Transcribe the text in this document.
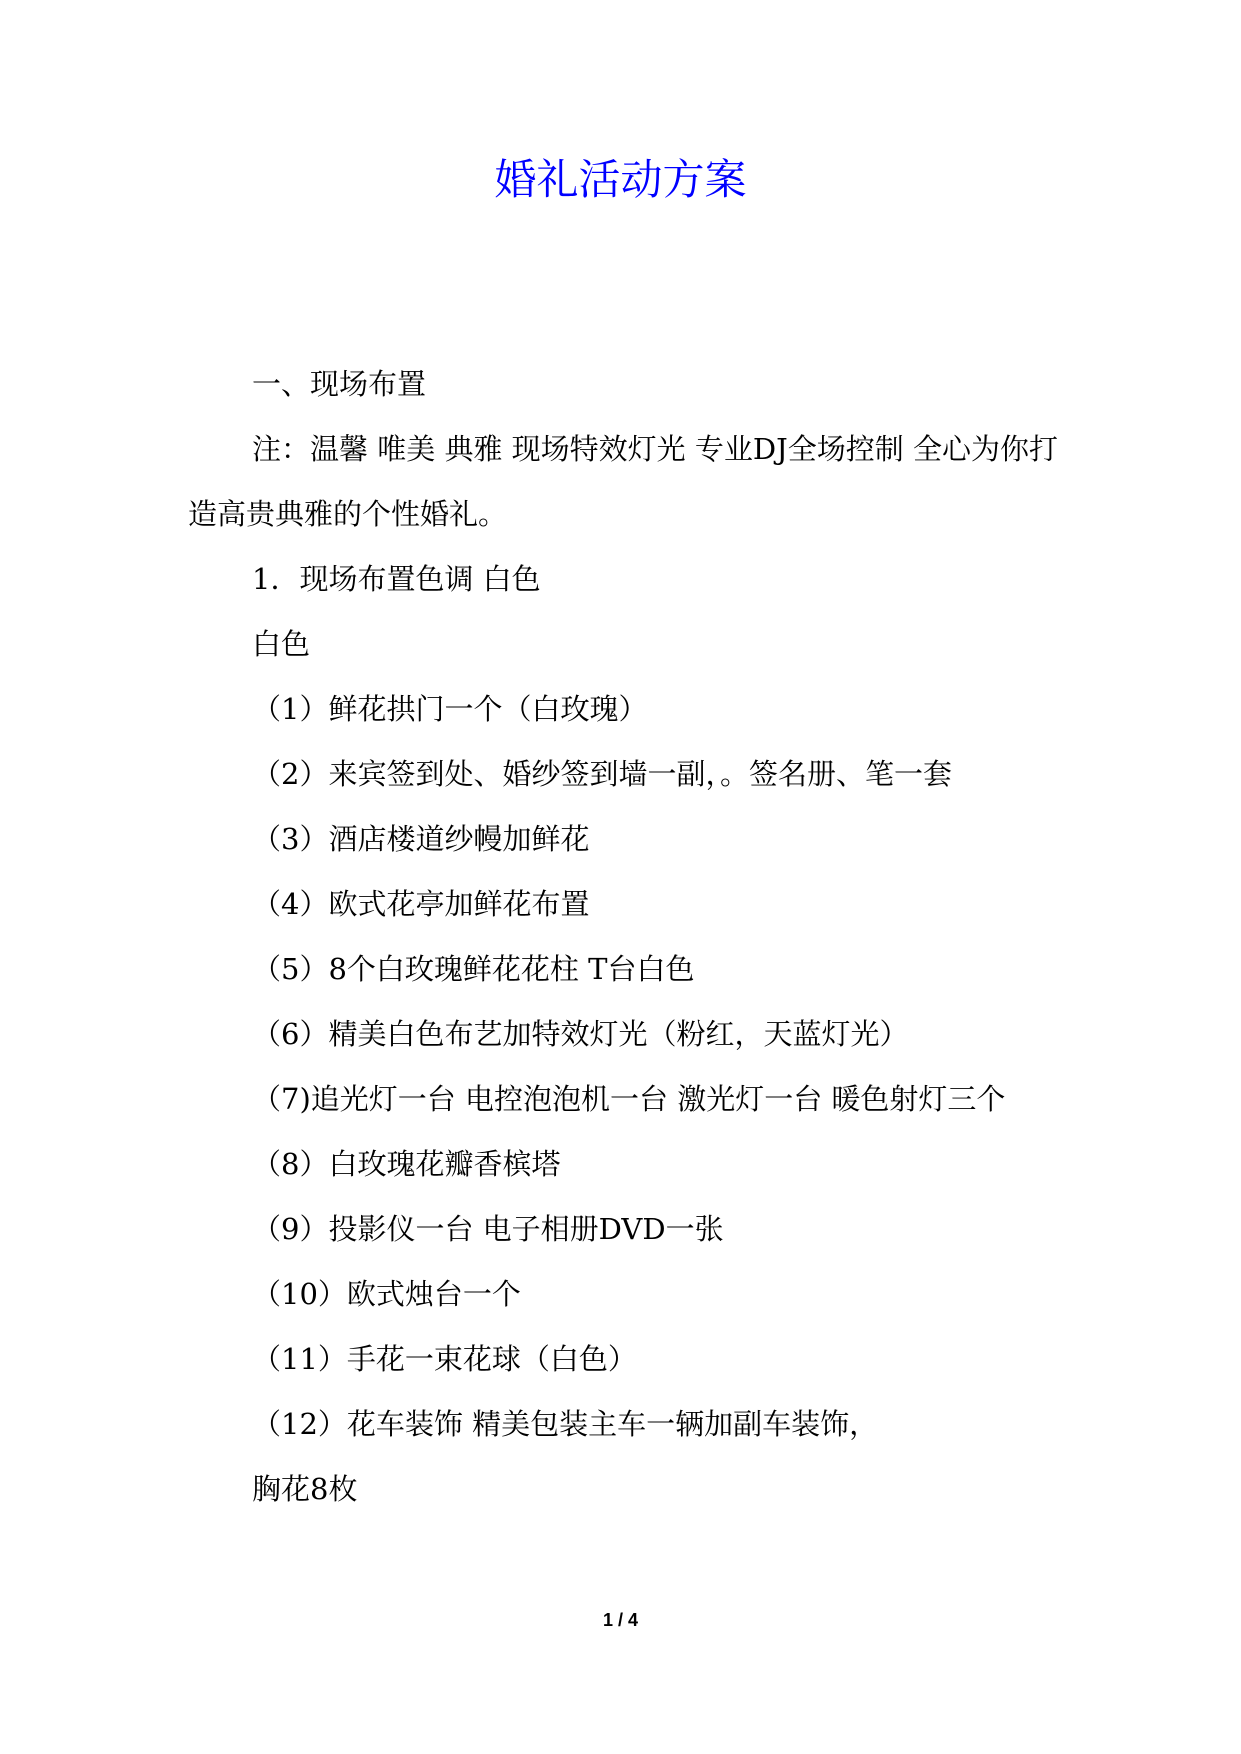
婚礼活动方案

一、现场布置

注：温馨 唯美 典雅 现场特效灯光 专业DJ全场控制 全心为你打造高贵典雅的个性婚礼。

1．现场布置色调 白色

白色

（1）鲜花拱门一个（白玫瑰）

（2）来宾签到处、婚纱签到墙一副，。签名册、笔一套

（3）酒店楼道纱幔加鲜花

（4）欧式花亭加鲜花布置

（5）8个白玫瑰鲜花花柱 T台白色

（6）精美白色布艺加特效灯光（粉红，天蓝灯光）

（7)追光灯一台 电控泡泡机一台 激光灯一台 暖色射灯三个

（8）白玫瑰花瓣香槟塔

（9）投影仪一台 电子相册DVD一张

（10）欧式烛台一个

（11）手花一束花球（白色）

（12）花车装饰 精美包装主车一辆加副车装饰，

胸花8枚

1 / 4
